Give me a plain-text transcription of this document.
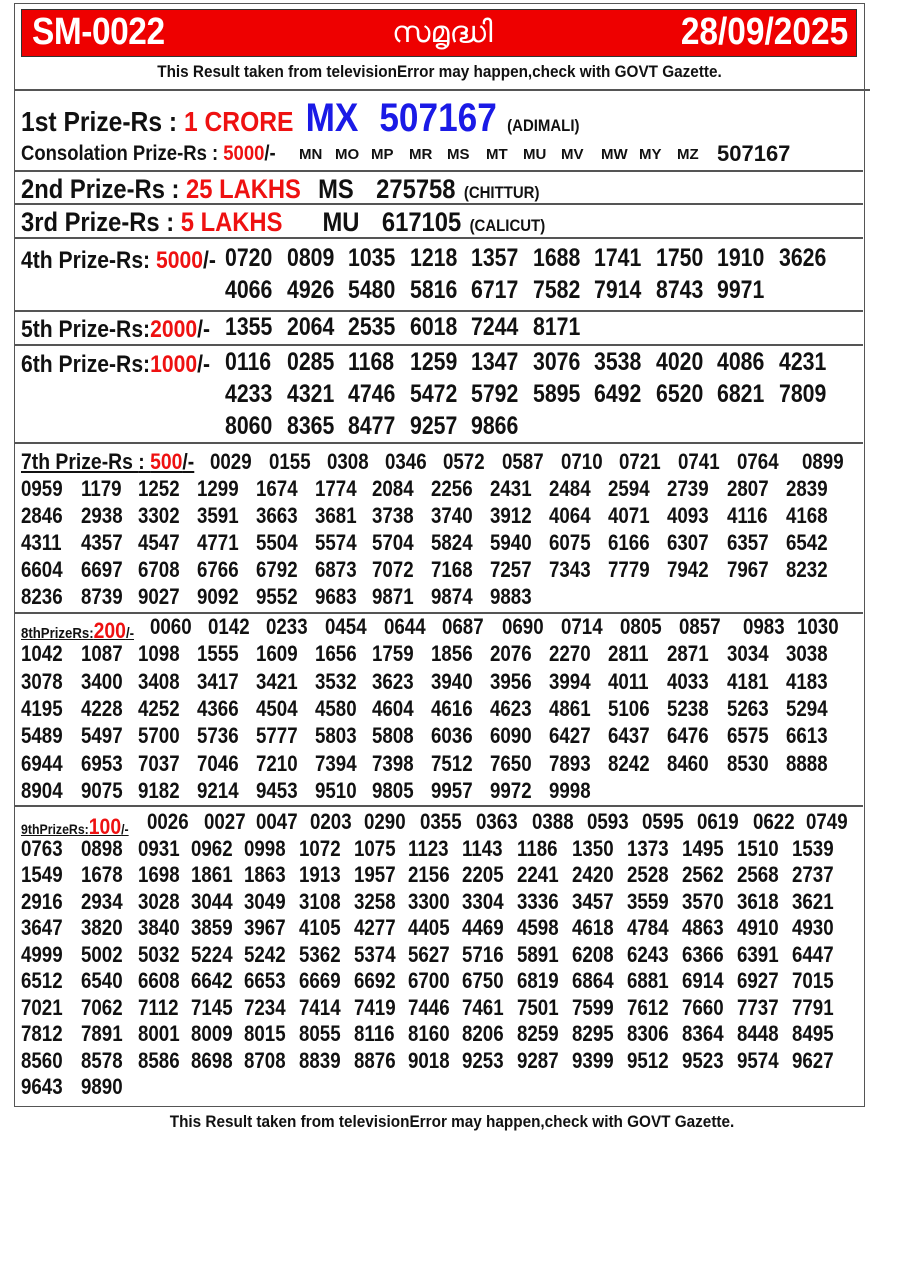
SM-0022	സമൃദ്ധി	28/09/2025
This Result taken from televisionError may happen,check with GOVT Gazette.
1st Prize-Rs : 1 CRORE MX 507167 (ADIMALI)
Consolation Prize-Rs : 5000/-	MN MO MP MR MS MT MU MV MW MY MZ 507167
2nd Prize-Rs : 25 LAKHS MS 275758 (CHITTUR)
3rd Prize-Rs : 5 LAKHS MU 617105 (CALICUT)
4th Prize-Rs: 5000/- 0720 0809 1035 1218 1357 1688 1741 1750 1910 3626
4066 4926 5480 5816 6717 7582 7914 8743 9971
5th Prize-Rs:2000/- 1355 2064 2535 6018 7244 8171
6th Prize-Rs:1000/- 0116 0285 1168 1259 1347 3076 3538 4020 4086 4231
4233 4321 4746 5472 5792 5895 6492 6520 6821 7809
8060 8365 8477 9257 9866
7th Prize-Rs : 500/- 0029 0155 0308 0346 0572 0587 0710 0721 0741 0764 0899
0959 1179 1252 1299 1674 1774 2084 2256 2431 2484 2594 2739 2807 2839
2846 2938 3302 3591 3663 3681 3738 3740 3912 4064 4071 4093 4116 4168
4311 4357 4547 4771 5504 5574 5704 5824 5940 6075 6166 6307 6357 6542
6604 6697 6708 6766 6792 6873 7072 7168 7257 7343 7779 7942 7967 8232
8236 8739 9027 9092 9552 9683 9871 9874 9883
8thPrizeRs:200/- 0060 0142 0233 0454 0644 0687 0690 0714 0805 0857 0983 1030
1042 1087 1098 1555 1609 1656 1759 1856 2076 2270 2811 2871 3034 3038
3078 3400 3408 3417 3421 3532 3623 3940 3956 3994 4011 4033 4181 4183
4195 4228 4252 4366 4504 4580 4604 4616 4623 4861 5106 5238 5263 5294
5489 5497 5700 5736 5777 5803 5808 6036 6090 6427 6437 6476 6575 6613
6944 6953 7037 7046 7210 7394 7398 7512 7650 7893 8242 8460 8530 8888
8904 9075 9182 9214 9453 9510 9805 9957 9972 9998
9thPrizeRs:100/- 0026 0027 0047 0203 0290 0355 0363 0388 0593 0595 0619 0622 0749
0763 0898 0931 0962 0998 1072 1075 1123 1143 1186 1350 1373 1495 1510 1539
1549 1678 1698 1861 1863 1913 1957 2156 2205 2241 2420 2528 2562 2568 2737
2916 2934 3028 3044 3049 3108 3258 3300 3304 3336 3457 3559 3570 3618 3621
3647 3820 3840 3859 3967 4105 4277 4405 4469 4598 4618 4784 4863 4910 4930
4999 5002 5032 5224 5242 5362 5374 5627 5716 5891 6208 6243 6366 6391 6447
6512 6540 6608 6642 6653 6669 6692 6700 6750 6819 6864 6881 6914 6927 7015
7021 7062 7112 7145 7234 7414 7419 7446 7461 7501 7599 7612 7660 7737 7791
7812 7891 8001 8009 8015 8055 8116 8160 8206 8259 8295 8306 8364 8448 8495
8560 8578 8586 8698 8708 8839 8876 9018 9253 9287 9399 9512 9523 9574 9627
9643 9890
This Result taken from televisionError may happen,check with GOVT Gazette.
